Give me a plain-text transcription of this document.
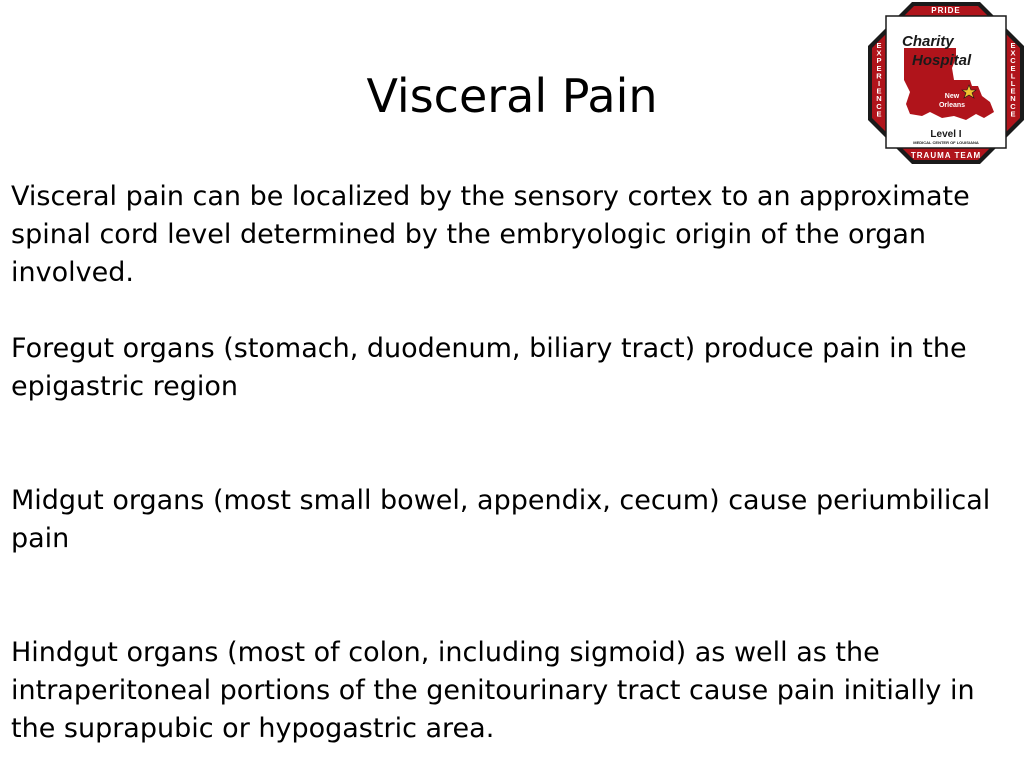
Visceral Pain

Visceral pain can be localized by the sensory cortex to an approximate spinal cord level determined by the embryologic origin of the organ involved.

Foregut organs (stomach, duodenum, biliary tract) produce pain in the epigastric region

Midgut organs (most small bowel, appendix, cecum) cause periumbilical pain

Hindgut organs (most of colon, including sigmoid) as well as the intraperitoneal portions of the genitourinary tract cause pain initially in the suprapubic or hypogastric area.

PRIDE
TRAUMA TEAM
E X P E R I E N C E
E X C E L L E N C E
Charity
Hospital
New
Orleans
Level I
MEDICAL CENTER OF LOUISIANA
